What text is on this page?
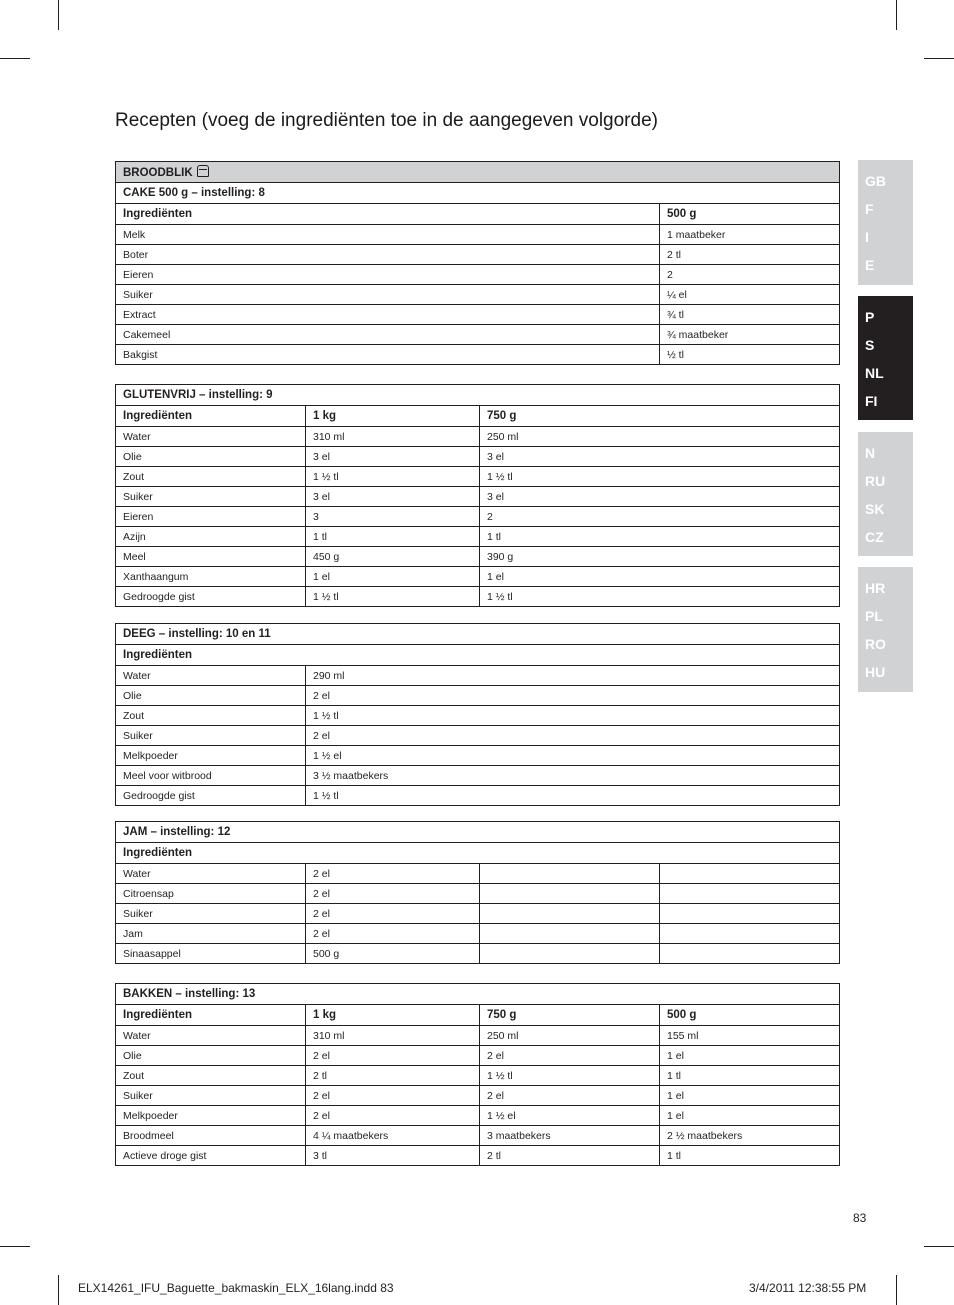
Recepten (voeg de ingrediënten toe in de aangegeven volgorde)
BROODBLIK	
CAKE 500 g – instelling: 8	
Ingrediënten	500 g
Melk	1 maatbeker
Boter	2 tl
Eieren	2
Suiker	¼ el
Extract	¾ tl
Cakemeel	¾ maatbeker
Bakgist	½ tl
GLUTENVRIJ – instelling: 9		
Ingrediënten	1 kg	750 g
Water	310 ml	250 ml
Olie	3 el	3 el
Zout	1 ½ tl	1 ½ tl
Suiker	3 el	3 el
Eieren	3	2
Azijn	1 tl	1 tl
Meel	450 g	390 g
Xanthaangum	1 el	1 el
Gedroogde gist	1 ½ tl	1 ½ tl
DEEG – instelling: 10 en 11	
Ingrediënten	
Water	290 ml
Olie	2 el
Zout	1 ½ tl
Suiker	2 el
Melkpoeder	1 ½ el
Meel voor witbrood	3 ½ maatbekers
Gedroogde gist	1 ½ tl
JAM – instelling: 12			
Ingrediënten			
Water	2 el		
Citroensap	2 el		
Suiker	2 el		
Jam	2 el		
Sinaasappel	500 g		
BAKKEN – instelling: 13			
Ingrediënten	1 kg	750 g	500 g
Water	310 ml	250 ml	155 ml
Olie	2 el	2 el	1 el
Zout	2 tl	1 ½ tl	1 tl
Suiker	2 el	2 el	1 el
Melkpoeder	2 el	1 ½ el	1 el
Broodmeel	4 ¼ maatbekers	3 maatbekers	2 ½ maatbekers
Actieve droge gist	3 tl	2 tl	1 tl
GB
F
I
E
P
S
NL
FI
N
RU
SK
CZ
HR
PL
RO
HU
83
ELX14261_IFU_Baguette_bakmaskin_ELX_16lang.indd 83	3/4/2011 12:38:55 PM
